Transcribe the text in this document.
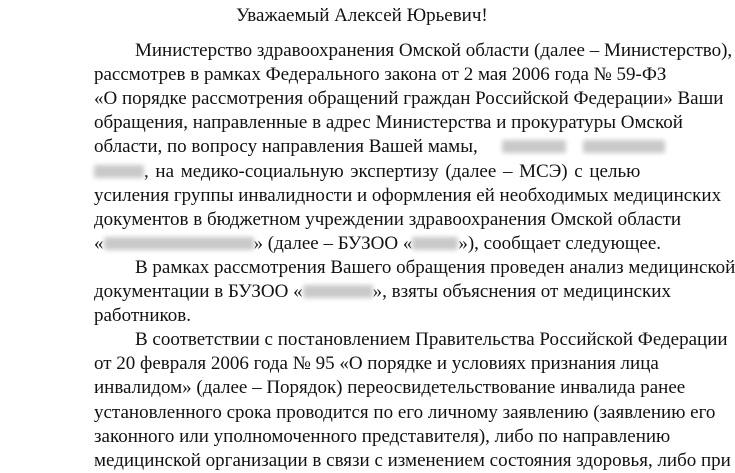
Уважаемый Алексей Юрьевич!
Министерство здравоохранения Омской области (далее – Министерство),
рассмотрев в рамках Федерального закона от 2 мая 2006 года № 59-ФЗ
«О порядке рассмотрения обращений граждан Российской Федерации» Ваши
обращения, направленные в адрес Министерства и прокуратуры Омской
области, по вопросу направления Вашей мамы,
, на медико-социальную экспертизу (далее – МСЭ) с целью
усиления группы инвалидности и оформления ей необходимых медицинских
документов в бюджетном учреждении здравоохранения Омской области
«	» (далее – БУЗОО « »), сообщает следующее.
В рамках рассмотрения Вашего обращения проведен анализ медицинской
документации в БУЗОО «	», взяты объяснения от медицинских
работников.
В соответствии с постановлением Правительства Российской Федерации
от 20 февраля 2006 года № 95 «О порядке и условиях признания лица
инвалидом» (далее – Порядок) переосвидетельствование инвалида ранее
установленного срока проводится по его личному заявлению (заявлению его
законного или уполномоченного представителя), либо по направлению
медицинской организации в связи с изменением состояния здоровья, либо при
